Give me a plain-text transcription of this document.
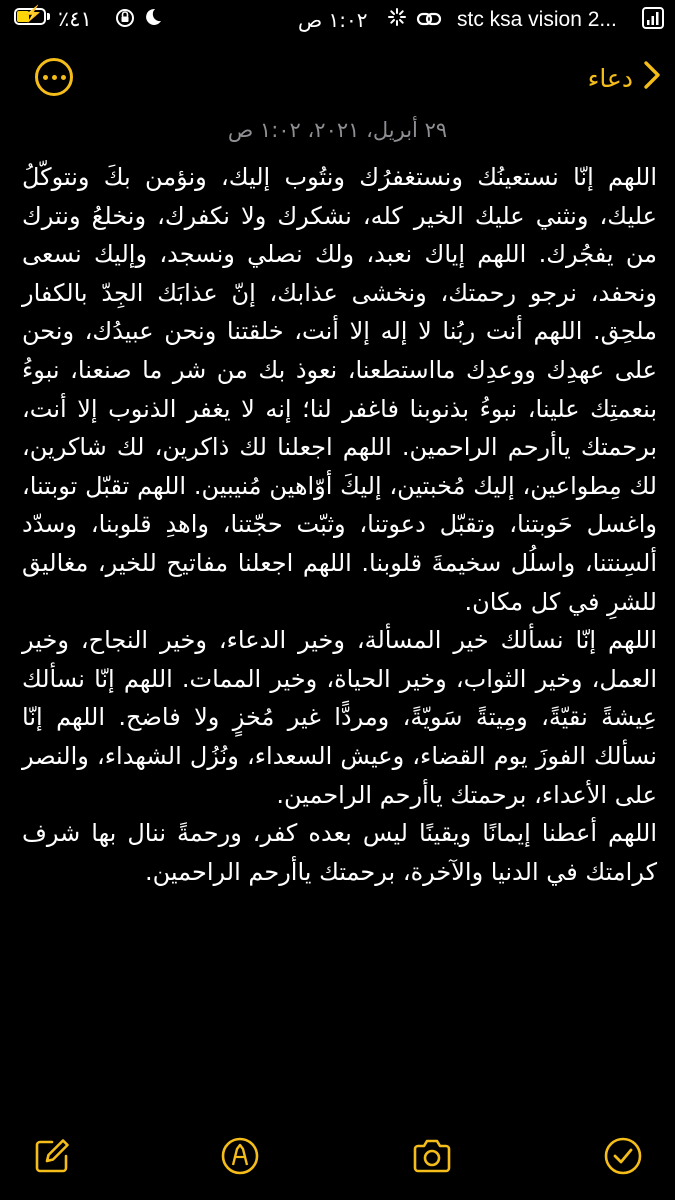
⚡ ٪٤١	١:٠٢ ص	stc ksa vision 2...
دعاء
٢٩ أبريل، ٢٠٢١، ١:٠٢ ص

اللهم إنّا نستعينُك ونستغفرُك ونتُوب إليك، ونؤمن بكَ ونتوكّلُ عليك، ونثني عليك الخير كله، نشكرك ولا نكفرك، ونخلعُ ونترك من يفجُرك. اللهم إياك نعبد، ولك نصلي ونسجد، وإليك نسعى ونحفد، نرجو رحمتك، ونخشى عذابك، إنّ عذابَك الجِدّ بالكفار ملحِق. اللهم أنت ربُنا لا إله إلا أنت، خلقتنا ونحن عبيدُك، ونحن على عهدِك ووعدِك مااستطعنا، نعوذ بك من شر ما صنعنا، نبوءُ بنعمتِك علينا، نبوءُ بذنوبنا فاغفر لنا؛ إنه لا يغفر الذنوب إلا أنت، برحمتك ياأرحم الراحمين. اللهم اجعلنا لك ذاكرين، لك شاكرين، لك مِطواعين، إليك مُخبتين، إليكَ أوّاهين مُنيبين. اللهم تقبّل توبتنا، واغسل حَوبتنا، وتقبّل دعوتنا، وثبّت حجّتنا، واهدِ قلوبنا، وسدّد ألسِنتنا، واسلُل سخيمةَ قلوبنا. اللهم اجعلنا مفاتيح للخير، مغاليق للشرِ في كل مكان.

اللهم إنّا نسألك خير المسألة، وخير الدعاء، وخير النجاح، وخير العمل، وخير الثواب، وخير الحياة، وخير الممات. اللهم إنّا نسألك عِيشةً نقيّةً، ومِيتةً سَويّةً، ومردًّا غير مُخزٍ ولا فاضح. اللهم إنّا نسألك الفوزَ يوم القضاء، وعيش السعداء، ونُزُل الشهداء، والنصر على الأعداء، برحمتك ياأرحم الراحمين.

اللهم أعطنا إيمانًا ويقينًا ليس بعده كفر، ورحمةً ننال بها شرف كرامتك في الدنيا والآخرة، برحمتك ياأرحم الراحمين.
